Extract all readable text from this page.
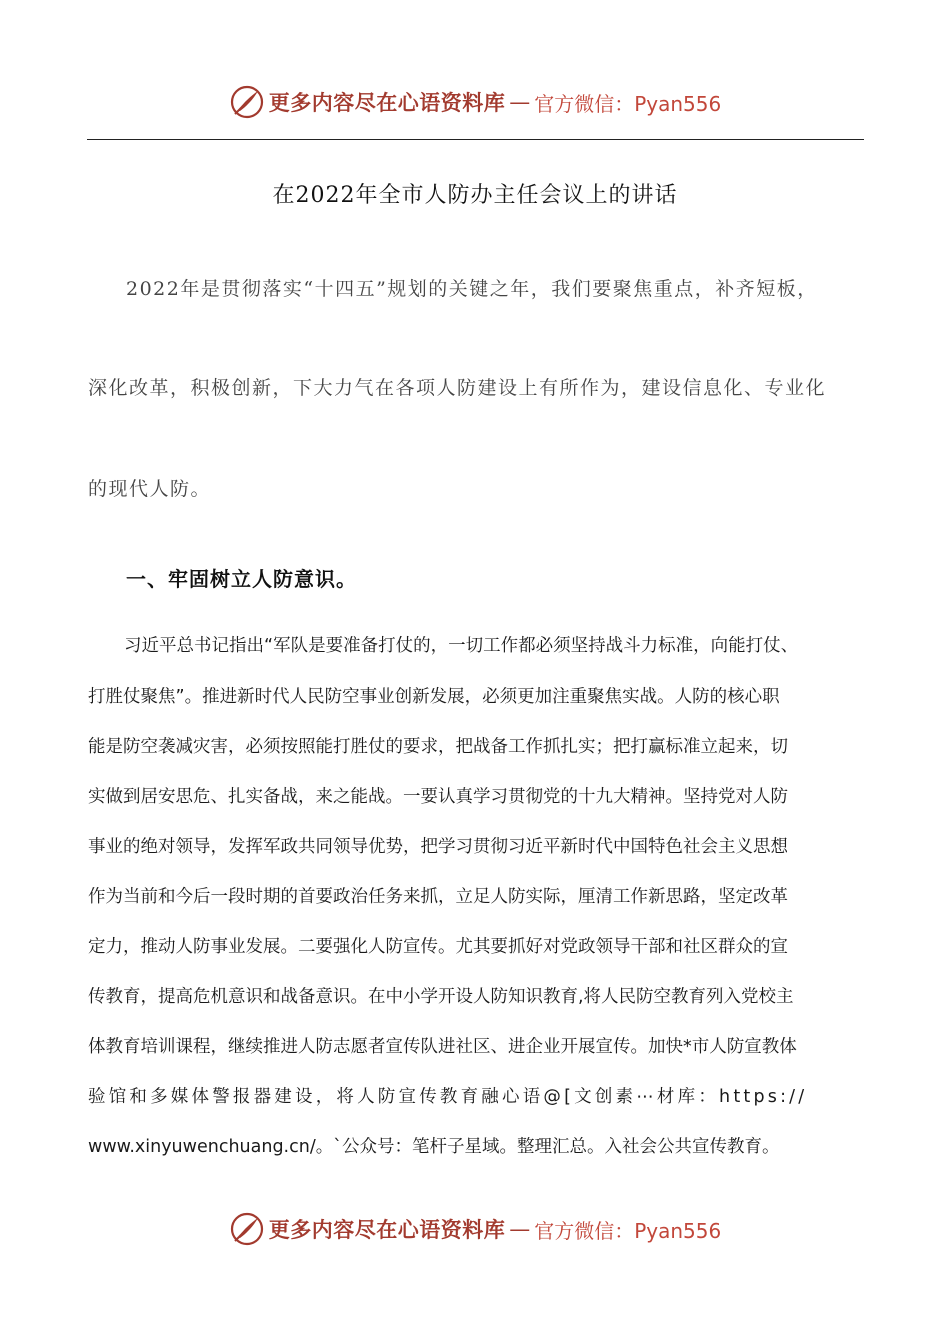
更多内容尽在心语资料库 — 官方微信：Pyan556
在2022年全市人防办主任会议上的讲话
2022年是贯彻落实“十四五”规划的关键之年，我们要聚焦重点，补齐短板，
深化改革，积极创新，下大力气在各项人防建设上有所作为，建设信息化、专业化
的现代人防。
一、牢固树立人防意识。
习近平总书记指出“军队是要准备打仗的，一切工作都必须坚持战斗力标准，向能打仗、
打胜仗聚焦”。推进新时代人民防空事业创新发展，必须更加注重聚焦实战。人防的核心职
能是防空袭减灾害，必须按照能打胜仗的要求，把战备工作抓扎实；把打赢标准立起来，切
实做到居安思危、扎实备战，来之能战。一要认真学习贯彻党的十九大精神。坚持党对人防
事业的绝对领导，发挥军政共同领导优势，把学习贯彻习近平新时代中国特色社会主义思想
作为当前和今后一段时期的首要政治任务来抓，立足人防实际，厘清工作新思路，坚定改革
定力，推动人防事业发展。二要强化人防宣传。尤其要抓好对党政领导干部和社区群众的宣
传教育，提高危机意识和战备意识。在中小学开设人防知识教育,将人民防空教育列入党校主
体教育培训课程，继续推进人防志愿者宣传队进社区、进企业开展宣传。加快*市人防宣教体
验馆和多媒体警报器建设，将人防宣传教育融心语@[文创素⋯材库：https://
www.xinyuwenchuang.cn/。`公众号：笔杆子星域。整理汇总。入社会公共宣传教育。
更多内容尽在心语资料库 — 官方微信：Pyan556
